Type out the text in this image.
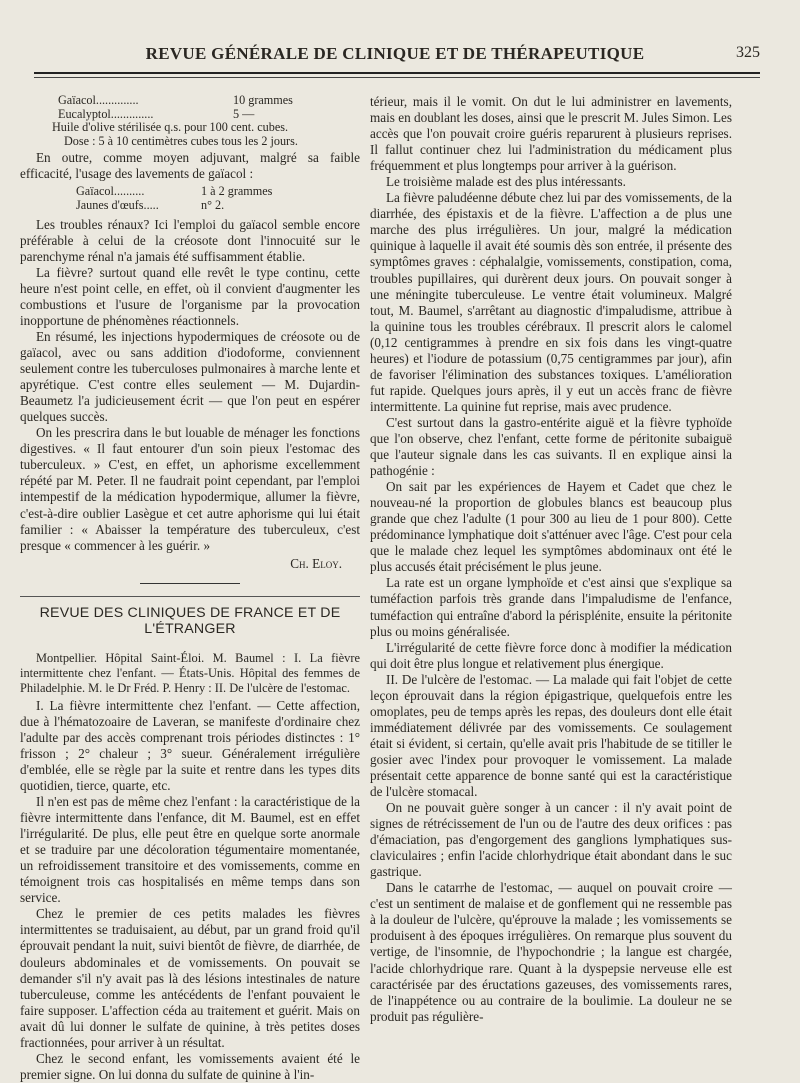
REVUE GÉNÉRALE DE CLINIQUE ET DE THÉRAPEUTIQUE	325
Gaïacol..............	10 grammes
Eucalyptol..............	5 —
Huile d'olive stérilisée q.s. pour 100 cent. cubes.
Dose : 5 à 10 centimètres cubes tous les 2 jours.

En outre, comme moyen adjuvant, malgré sa faible efficacité, l'usage des lavements de gaïacol :

Gaïacol..........	1 à 2 grammes
Jaunes d'œufs.....	n° 2.

Les troubles rénaux? Ici l'emploi du gaïacol semble encore préférable à celui de la créosote dont l'innocuité sur le parenchyme rénal n'a jamais été suffisamment établie.

La fièvre? surtout quand elle revêt le type continu, cette heure n'est point celle, en effet, où il convient d'augmenter les combustions et l'usure de l'organisme par la provocation inopportune de phénomènes réactionnels.

En résumé, les injections hypodermiques de créosote ou de gaïacol, avec ou sans addition d'iodoforme, conviennent seulement contre les tuberculoses pulmonaires à marche lente et apyrétique. C'est contre elles seulement — M. Dujardin-Beaumetz l'a judicieusement écrit — que l'on peut en espérer quelques succès.

On les prescrira dans le but louable de ménager les fonctions digestives. « Il faut entourer d'un soin pieux l'estomac des tuberculeux. » C'est, en effet, un aphorisme excellemment répété par M. Peter. Il ne faudrait point cependant, par l'emploi intempestif de la médication hypodermique, allumer la fièvre, c'est-à-dire oublier Lasègue et cet autre aphorisme qui lui était familier : « Abaisser la température des tuberculeux, c'est presque « commencer à les guérir. »

Ch. Eloy.
REVUE DES CLINIQUES DE FRANCE ET DE L'ÉTRANGER

Montpellier. Hôpital Saint-Éloi. M. Baumel : I. La fièvre intermittente chez l'enfant. — États-Unis. Hôpital des femmes de Philadelphie. M. le Dr Fréd. P. Henry : II. De l'ulcère de l'estomac.

I. La fièvre intermittente chez l'enfant. — Cette affection, due à l'hématozoaire de Laveran, se manifeste d'ordinaire chez l'adulte par des accès comprenant trois périodes distinctes : 1° frisson ; 2° chaleur ; 3° sueur. Généralement irrégulière d'emblée, elle se règle par la suite et rentre dans les types dits quotidien, tierce, quarte, etc.

Il n'en est pas de même chez l'enfant : la caractéristique de la fièvre intermittente dans l'enfance, dit M. Baumel, est en effet l'irrégularité. De plus, elle peut être en quelque sorte anormale et se traduire par une décoloration tégumentaire momentanée, un refroidissement transitoire et des vomissements, comme en témoignent trois cas hospitalisés en même temps dans son service.

Chez le premier de ces petits malades les fièvres intermittentes se traduisaient, au début, par un grand froid qu'il éprouvait pendant la nuit, suivi bientôt de fièvre, de diarrhée, de douleurs abdominales et de vomissements. On pouvait se demander s'il n'y avait pas là des lésions intestinales de nature tuberculeuse, comme les antécédents de l'enfant pouvaient le faire supposer. L'affection céda au traitement et guérit. Mais on avait dû lui donner le sulfate de quinine, à très petites doses fractionnées, pour arriver à un résultat.

Chez le second enfant, les vomissements avaient été le premier signe. On lui donna du sulfate de quinine à l'in-

térieur, mais il le vomit. On dut le lui administrer en lavements, mais en doublant les doses, ainsi que le prescrit M. Jules Simon. Les accès que l'on pouvait croire guéris reparurent à plusieurs reprises. Il fallut continuer chez lui l'administration du médicament plus fréquemment et plus longtemps pour arriver à la guérison.

Le troisième malade est des plus intéressants.

La fièvre paludéenne débute chez lui par des vomissements, de la diarrhée, des épistaxis et de la fièvre. L'affection a de plus une marche des plus irrégulières. Un jour, malgré la médication quinique à laquelle il avait été soumis dès son entrée, il présente des symptômes graves : céphalalgie, vomissements, constipation, coma, troubles pupillaires, qui durèrent deux jours. On pouvait songer à une méningite tuberculeuse. Le ventre était volumineux. Malgré tout, M. Baumel, s'arrêtant au diagnostic d'impaludisme, attribue à la quinine tous les troubles cérébraux. Il prescrit alors le calomel (0,12 centigrammes à prendre en six fois dans les vingt-quatre heures) et l'iodure de potassium (0,75 centigrammes par jour), afin de favoriser l'élimination des substances toxiques. L'amélioration fut rapide. Quelques jours après, il y eut un accès franc de fièvre intermittente. La quinine fut reprise, mais avec prudence.

C'est surtout dans la gastro-entérite aiguë et la fièvre typhoïde que l'on observe, chez l'enfant, cette forme de péritonite subaiguë que l'auteur signale dans les cas suivants. Il en explique ainsi la pathogénie :

On sait par les expériences de Hayem et Cadet que chez le nouveau-né la proportion de globules blancs est beaucoup plus grande que chez l'adulte (1 pour 300 au lieu de 1 pour 800). Cette prédominance lymphatique doit s'atténuer avec l'âge. C'est pour cela que le malade chez lequel les symptômes abdominaux ont été le plus accusés était précisément le plus jeune.

La rate est un organe lymphoïde et c'est ainsi que s'explique sa tuméfaction parfois très grande dans l'impaludisme de l'enfance, tuméfaction qui entraîne d'abord la périsplénite, ensuite la péritonite plus ou moins généralisée.

L'irrégularité de cette fièvre force donc à modifier la médication qui doit être plus longue et relativement plus énergique.

II. De l'ulcère de l'estomac. — La malade qui fait l'objet de cette leçon éprouvait dans la région épigastrique, quelquefois entre les omoplates, peu de temps après les repas, des douleurs dont elle était immédiatement délivrée par des vomissements. Ce soulagement était si évident, si certain, qu'elle avait pris l'habitude de se titiller le gosier avec l'index pour provoquer le vomissement. La malade présentait cette apparence de bonne santé qui est la caractéristique de l'ulcère stomacal.

On ne pouvait guère songer à un cancer : il n'y avait point de signes de rétrécissement de l'un ou de l'autre des deux orifices : pas d'émaciation, pas d'engorgement des ganglions lymphatiques sus-claviculaires ; enfin l'acide chlorhydrique était abondant dans le suc gastrique.

Dans le catarrhe de l'estomac, — auquel on pouvait croire — c'est un sentiment de malaise et de gonflement qui ne ressemble pas à la douleur de l'ulcère, qu'éprouve la malade ; les vomissements se produisent à des époques irrégulières. On remarque plus souvent du vertige, de l'insomnie, de l'hypochondrie ; la langue est chargée, l'acide chlorhydrique rare. Quant à la dyspepsie nerveuse elle est caractérisée par des éructations gazeuses, des vomissements rares, de l'inappétence ou au contraire de la boulimie. La douleur ne se produit pas régulière-
